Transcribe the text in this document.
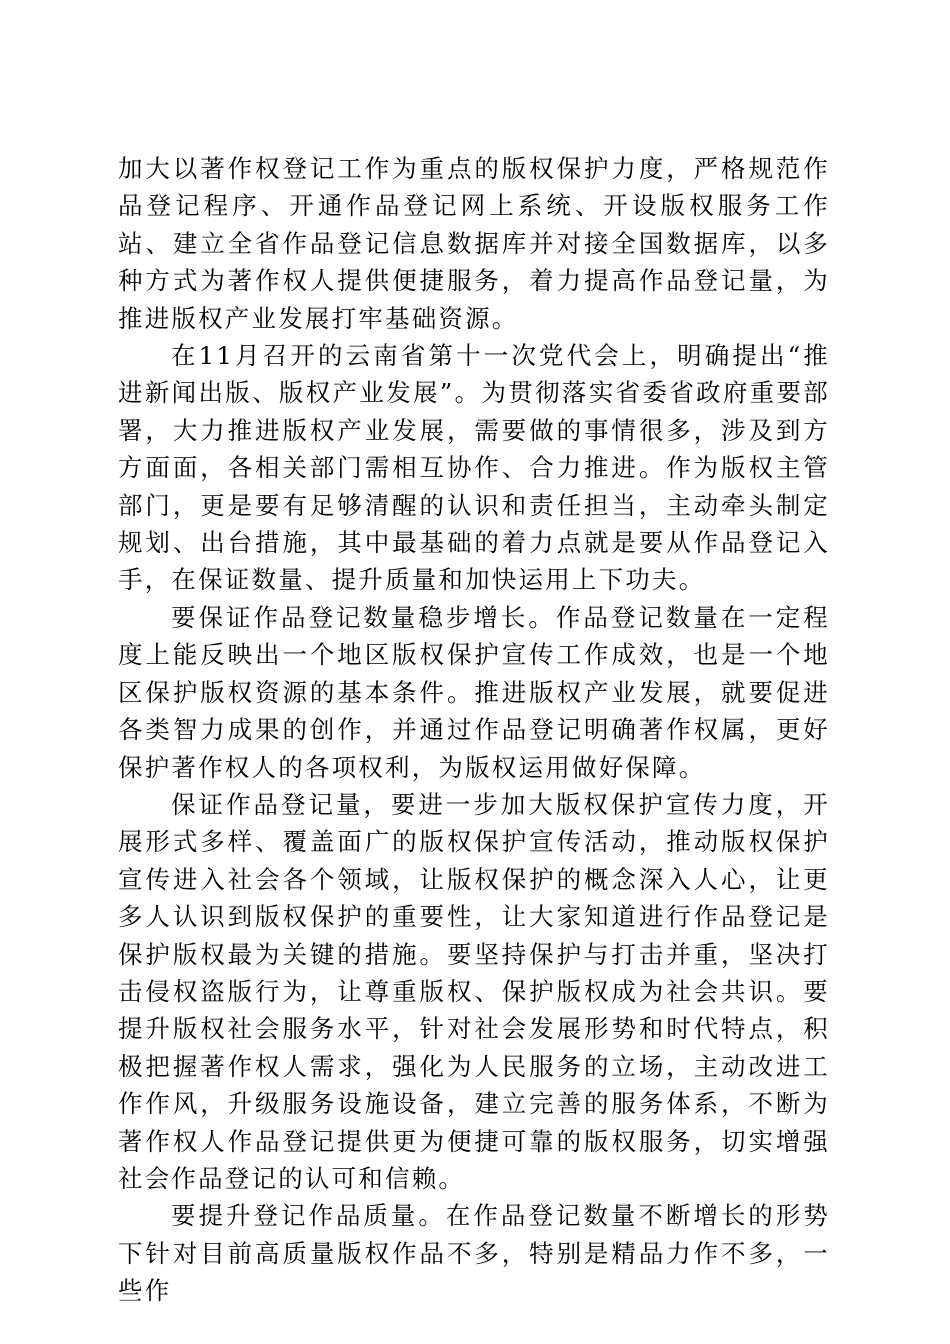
加大以著作权登记工作为重点的版权保护力度，严格规范作品登记程序、开通作品登记网上系统、开设版权服务工作站、建立全省作品登记信息数据库并对接全国数据库，以多种方式为著作权人提供便捷服务，着力提高作品登记量，为推进版权产业发展打牢基础资源。

在11月召开的云南省第十一次党代会上，明确提出“推进新闻出版、版权产业发展”。为贯彻落实省委省政府重要部署，大力推进版权产业发展，需要做的事情很多，涉及到方方面面，各相关部门需相互协作、合力推进。作为版权主管部门，更是要有足够清醒的认识和责任担当，主动牵头制定规划、出台措施，其中最基础的着力点就是要从作品登记入手，在保证数量、提升质量和加快运用上下功夫。

要保证作品登记数量稳步增长。作品登记数量在一定程度上能反映出一个地区版权保护宣传工作成效，也是一个地区保护版权资源的基本条件。推进版权产业发展，就要促进各类智力成果的创作，并通过作品登记明确著作权属，更好保护著作权人的各项权利，为版权运用做好保障。

保证作品登记量，要进一步加大版权保护宣传力度，开展形式多样、覆盖面广的版权保护宣传活动，推动版权保护宣传进入社会各个领域，让版权保护的概念深入人心，让更多人认识到版权保护的重要性，让大家知道进行作品登记是保护版权最为关键的措施。要坚持保护与打击并重，坚决打击侵权盗版行为，让尊重版权、保护版权成为社会共识。要提升版权社会服务水平，针对社会发展形势和时代特点，积极把握著作权人需求，强化为人民服务的立场，主动改进工作作风，升级服务设施设备，建立完善的服务体系，不断为著作权人作品登记提供更为便捷可靠的版权服务，切实增强社会作品登记的认可和信赖。

要提升登记作品质量。在作品登记数量不断增长的形势下针对目前高质量版权作品不多，特别是精品力作不多，一些作
